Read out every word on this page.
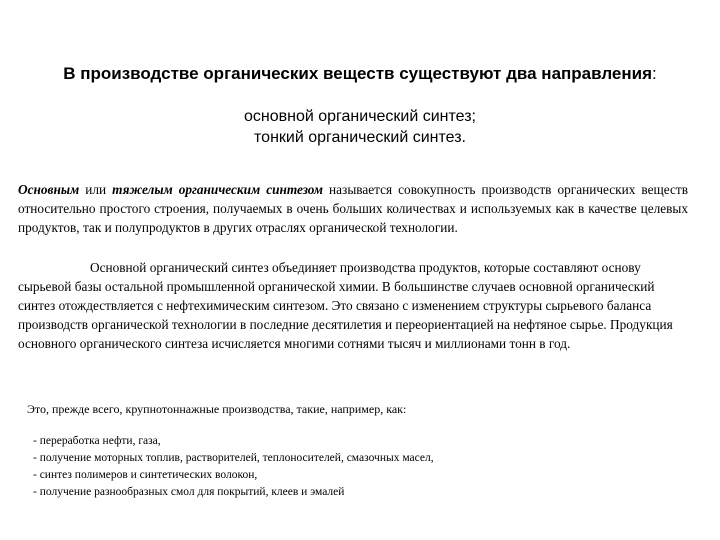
В производстве органических веществ существуют два направления:
основной органический синтез;
тонкий органический синтез.
Основным или тяжелым органическим синтезом называется совокупность производств органических веществ относительно простого строения, получаемых в очень больших количествах и используемых как в качестве целевых продуктов, так и полупродуктов в других отраслях органической технологии.
Основной органический синтез объединяет производства продуктов, которые составляют основу сырьевой базы остальной промышленной органической химии. В большинстве случаев основной органический синтез отождествляется с нефтехимическим синтезом. Это связано с изменением структуры сырьевого баланса производств органической технологии в последние десятилетия и переориентацией на нефтяное сырье. Продукция основного органического синтеза исчисляется многими сотнями тысяч и миллионами тонн в год.
Это, прежде всего, крупнотоннажные производства, такие, например, как:
- переработка нефти, газа,
- получение моторных топлив, растворителей, теплоносителей, смазочных масел,
- синтез полимеров и синтетических волокон,
- получение разнообразных смол для покрытий, клеев и эмалей
